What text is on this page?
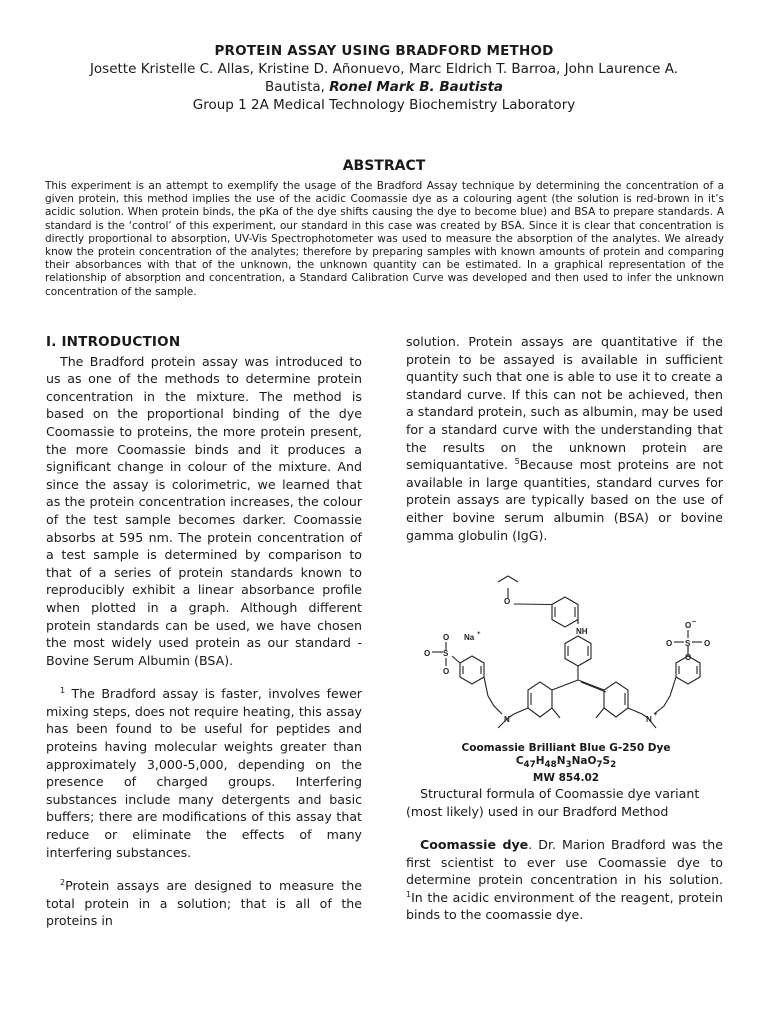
PROTEIN ASSAY USING BRADFORD METHOD
Josette Kristelle C. Allas, Kristine D. Añonuevo, Marc Eldrich T. Barroa, John Laurence A.
Bautista, Ronel Mark B. Bautista
Group 1 2A Medical Technology Biochemistry Laboratory
ABSTRACT
This experiment is an attempt to exemplify the usage of the Bradford Assay technique by determining the concentration of a given protein, this method implies the use of the acidic Coomassie dye as a colouring agent (the solution is red-brown in it’s acidic solution. When protein binds, the pKa of the dye shifts causing the dye to become blue) and BSA to prepare standards. A standard is the ‘control’ of this experiment, our standard in this case was created by BSA. Since it is clear that concentration is directly proportional to absorption, UV-Vis Spectrophotometer was used to measure the absorption of the analytes. We already know the protein concentration of the analytes; therefore by preparing samples with known amounts of protein and comparing their absorbances with that of the unknown, the unknown quantity can be estimated. In a graphical representation of the relationship of absorption and concentration, a Standard Calibration Curve was developed and then used to infer the unknown concentration of the sample.
I. INTRODUCTION

The Bradford protein assay was introduced to us as one of the methods to determine protein concentration in the mixture. The method is based on the proportional binding of the dye Coomassie to proteins, the more protein present, the more Coomassie binds and it produces a significant change in colour of the mixture. And since the assay is colorimetric, we learned that as the protein concentration increases, the colour of the test sample becomes darker. Coomassie absorbs at 595 nm. The protein concentration of a test sample is determined by comparison to that of a series of protein standards known to reproducibly exhibit a linear absorbance profile when plotted in a graph. Although different protein standards can be used, we have chosen the most widely used protein as our standard - Bovine Serum Albumin (BSA).

$^1$ The Bradford assay is faster, involves fewer mixing steps, does not require heating, this assay has been found to be useful for peptides and proteins having molecular weights greater than approximately 3,000-5,000, depending on the presence of charged groups. Interfering substances include many detergents and basic buffers; there are modifications of this assay that reduce or eliminate the effects of many interfering substances.

$^2$Protein assays are designed to measure the total protein in a solution; that is all of the proteins in

solution. Protein assays are quantitative if the protein to be assayed is available in sufficient quantity such that one is able to use it to create a standard curve. If this can not be achieved, then a standard protein, such as albumin, may be used for a standard curve with the understanding that the results on the unknown protein are semiquantative. $^5$Because most proteins are not available in large quantities, standard curves for protein assays are typically based on the use of either bovine serum albumin (BSA) or bovine gamma globulin (IgG).

O
NH
S
O
O
O
Na +
N	N +
S
O −
O
O
O
Coomassie Brilliant Blue G-250 Dye
$C_{47}H_{48}N_3NaO_7S_2$
MW 854.02
Structural formula of Coomassie dye variant (most likely) used in our Bradford Method
Coomassie dye. Dr. Marion Bradford was the first scientist to ever use Coomassie dye to determine protein concentration in his solution. $^1$In the acidic environment of the reagent, protein binds to the coomassie dye.
